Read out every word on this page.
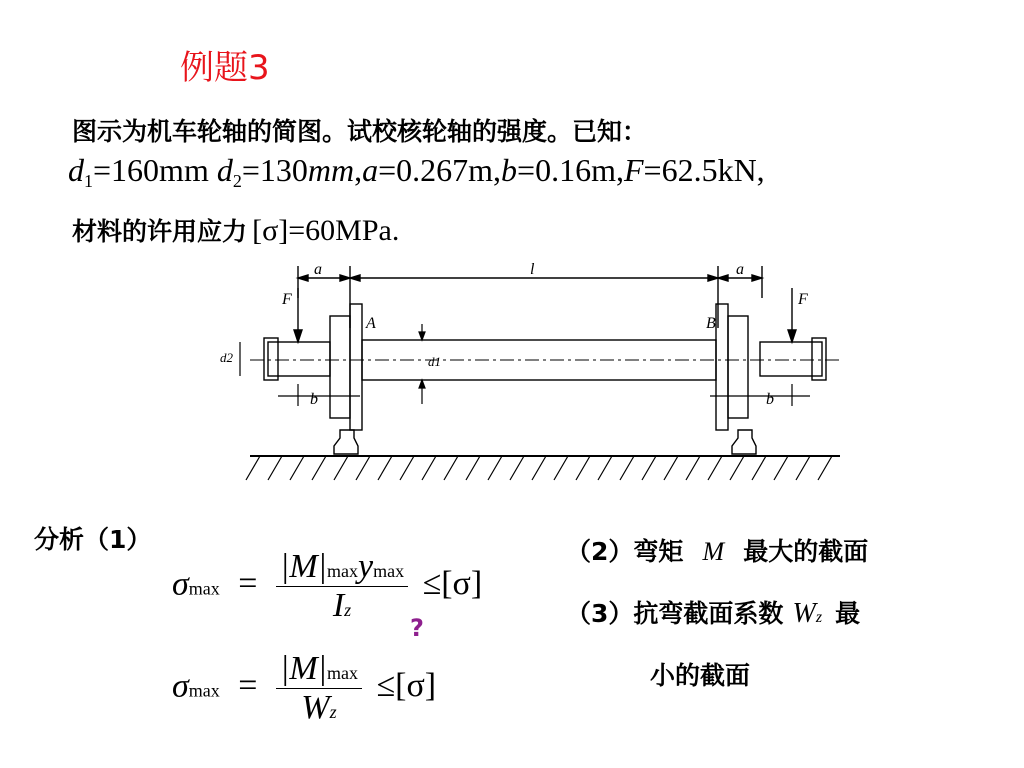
例题3
图示为机车轮轴的简图。试校核轮轴的强度。已知：
$d_1=160mm$ $d_2=130mm,a=0.267m,b=0.16m,F=62.5kN$,
材料的许用应力 [σ]=60MPa.
a	l	a
F	F
A	B
d2	d1
b	b
分析（1）
$\sigma\max = \frac{\text{|M|maxymax}}{Iz} \le[\sigma]$
?
$\sigma\max = \frac{|M|\max}{Wz} \le[\sigma]$
（2）弯矩 M 最大的截面
（3）抗弯截面系数 Wz 最
小的截面
